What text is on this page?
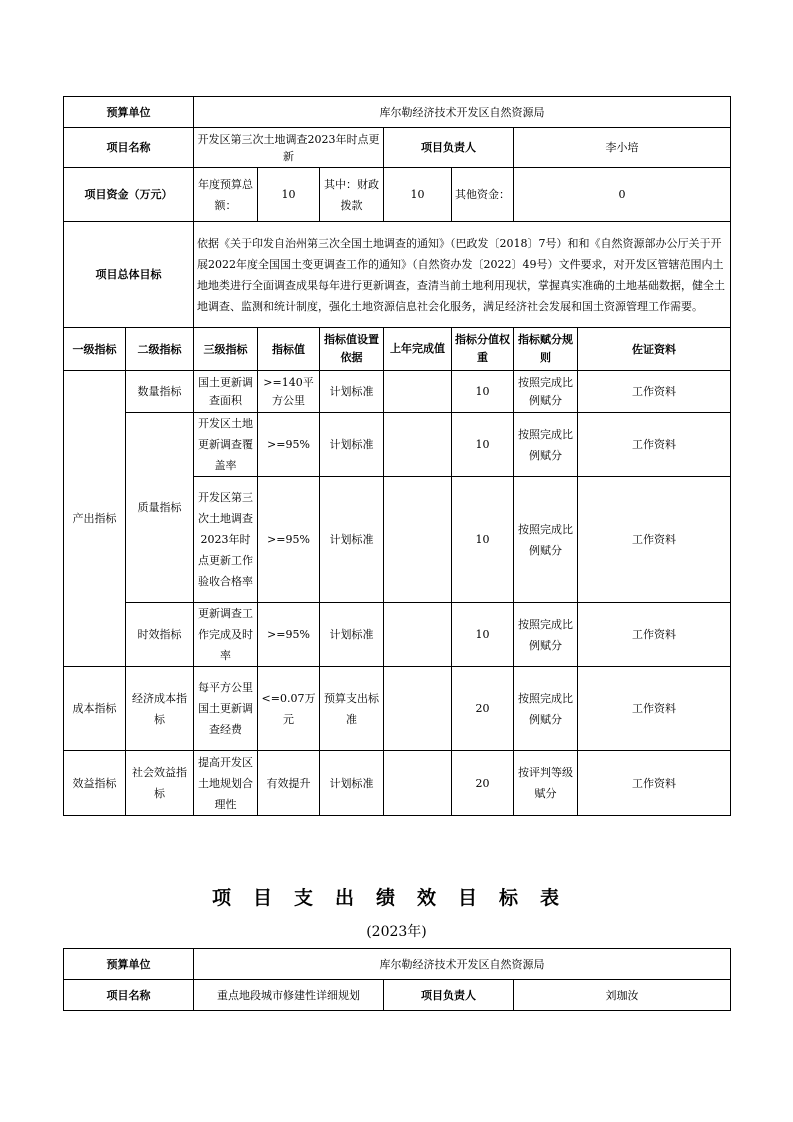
预算单位		库尔勒经济技术开发区自然资源局						
项目名称		开发区第三次土地调查2023年时点更新			项目负责人		李小培	
项目资金（万元）		年度预算总额：	10	其中：财政拨款	10	其他资金：	0	
项目总体目标		依据《关于印发自治州第三次全国土地调查的通知》（巴政发〔2018〕7号）和和《自然资源部办公厅关于开展2022年度全国国土变更调查工作的通知》（自然资办发〔2022〕49号）文件要求，对开发区管辖范围内土地地类进行全面调查成果每年进行更新调查，查清当前土地利用现状，掌握真实准确的土地基础数据，健全土地调查、监测和统计制度，强化土地资源信息社会化服务，满足经济社会发展和国土资源管理工作需要。						
一级指标	二级指标	三级指标	指标值	指标值设置依据	上年完成值	指标分值权重	指标赋分规则	佐证资料
产出指标	数量指标	国土更新调查面积	>=140平方公里	计划标准		10	按照完成比例赋分	工作资料
	质量指标	开发区土地更新调查覆盖率	>=95%	计划标准		10	按照完成比例赋分	工作资料
		开发区第三次土地调查2023年时点更新工作验收合格率	>=95%	计划标准		10	按照完成比例赋分	工作资料
	时效指标	更新调查工作完成及时率	>=95%	计划标准		10	按照完成比例赋分	工作资料
成本指标	经济成本指标	每平方公里国土更新调查经费	<=0.07万元	预算支出标准		20	按照完成比例赋分	工作资料
效益指标	社会效益指标	提高开发区土地规划合理性	有效提升	计划标准		20	按评判等级赋分	工作资料
项目支出绩效目标表
(2023年)
预算单位	库尔勒经济技术开发区自然资源局		
项目名称	重点地段城市修建性详细规划	项目负责人	刘珈汝
